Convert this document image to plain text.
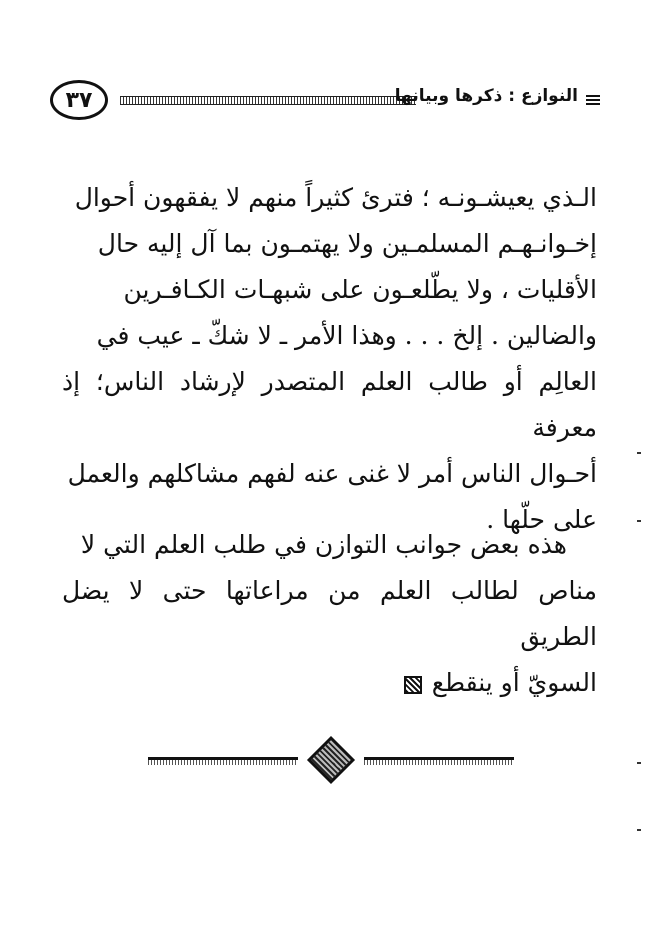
٣٧	النوازع : ذكرها وبيانها
الـذي يعيشـونـه ؛ فترئ كثيراً منهم لا يفقهون أحوال
إخـوانـهـم المسلمـين ولا يهتمـون بما آل إليه حال
الأقليات ، ولا يطّلعـون على شبهـات الكـافـرين
والضالين . إلخ . . . وهذا الأمر ـ لا شكّ ـ عيب في
العالِم أو طالب العلم المتصدر لإرشاد الناس؛ إذ معرفة
أحـوال الناس أمر لا غنى عنه لفهم مشاكلهم والعمل
على حلّها .
هذه بعض جوانب التوازن في طلب العلم التي لا
مناص لطالب العلم من مراعاتها حتى لا يضل الطريق
السويّ أو ينقطع
